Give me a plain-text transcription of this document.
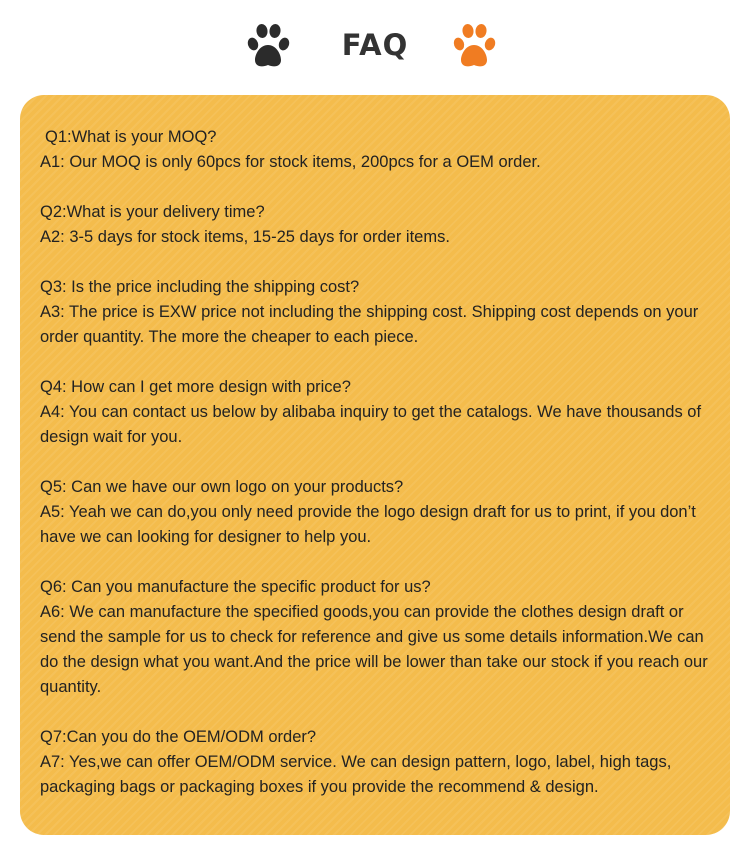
FAQ

Q1:What is your MOQ?

A1: Our MOQ is only 60pcs for stock items, 200pcs for a OEM order.

Q2:What is your delivery time?

A2: 3-5 days for stock items, 15-25 days for order items.

Q3: Is the price including the shipping cost?

A3: The price is EXW price not including the shipping cost. Shipping cost depends on your order quantity. The more the cheaper to each piece.

Q4: How can I get more design with price?

A4: You can contact us below by alibaba inquiry to get the catalogs. We have thousands of design wait for you.

Q5: Can we have our own logo on your products?

A5: Yeah we can do,you only need provide the logo design draft for us to print, if you don’t have we can looking for designer to help you.

Q6: Can you manufacture the specific product for us?

A6: We can manufacture the specified goods,you can provide the clothes design draft or send the sample for us to check for reference and give us some details information.We can do the design what you want.And the price will be lower than take our stock if you reach our quantity.

Q7:Can you do the OEM/ODM order?

A7: Yes,we can offer OEM/ODM service. We can design pattern, logo, label, high tags, packaging bags or packaging boxes if you provide the recommend & design.
